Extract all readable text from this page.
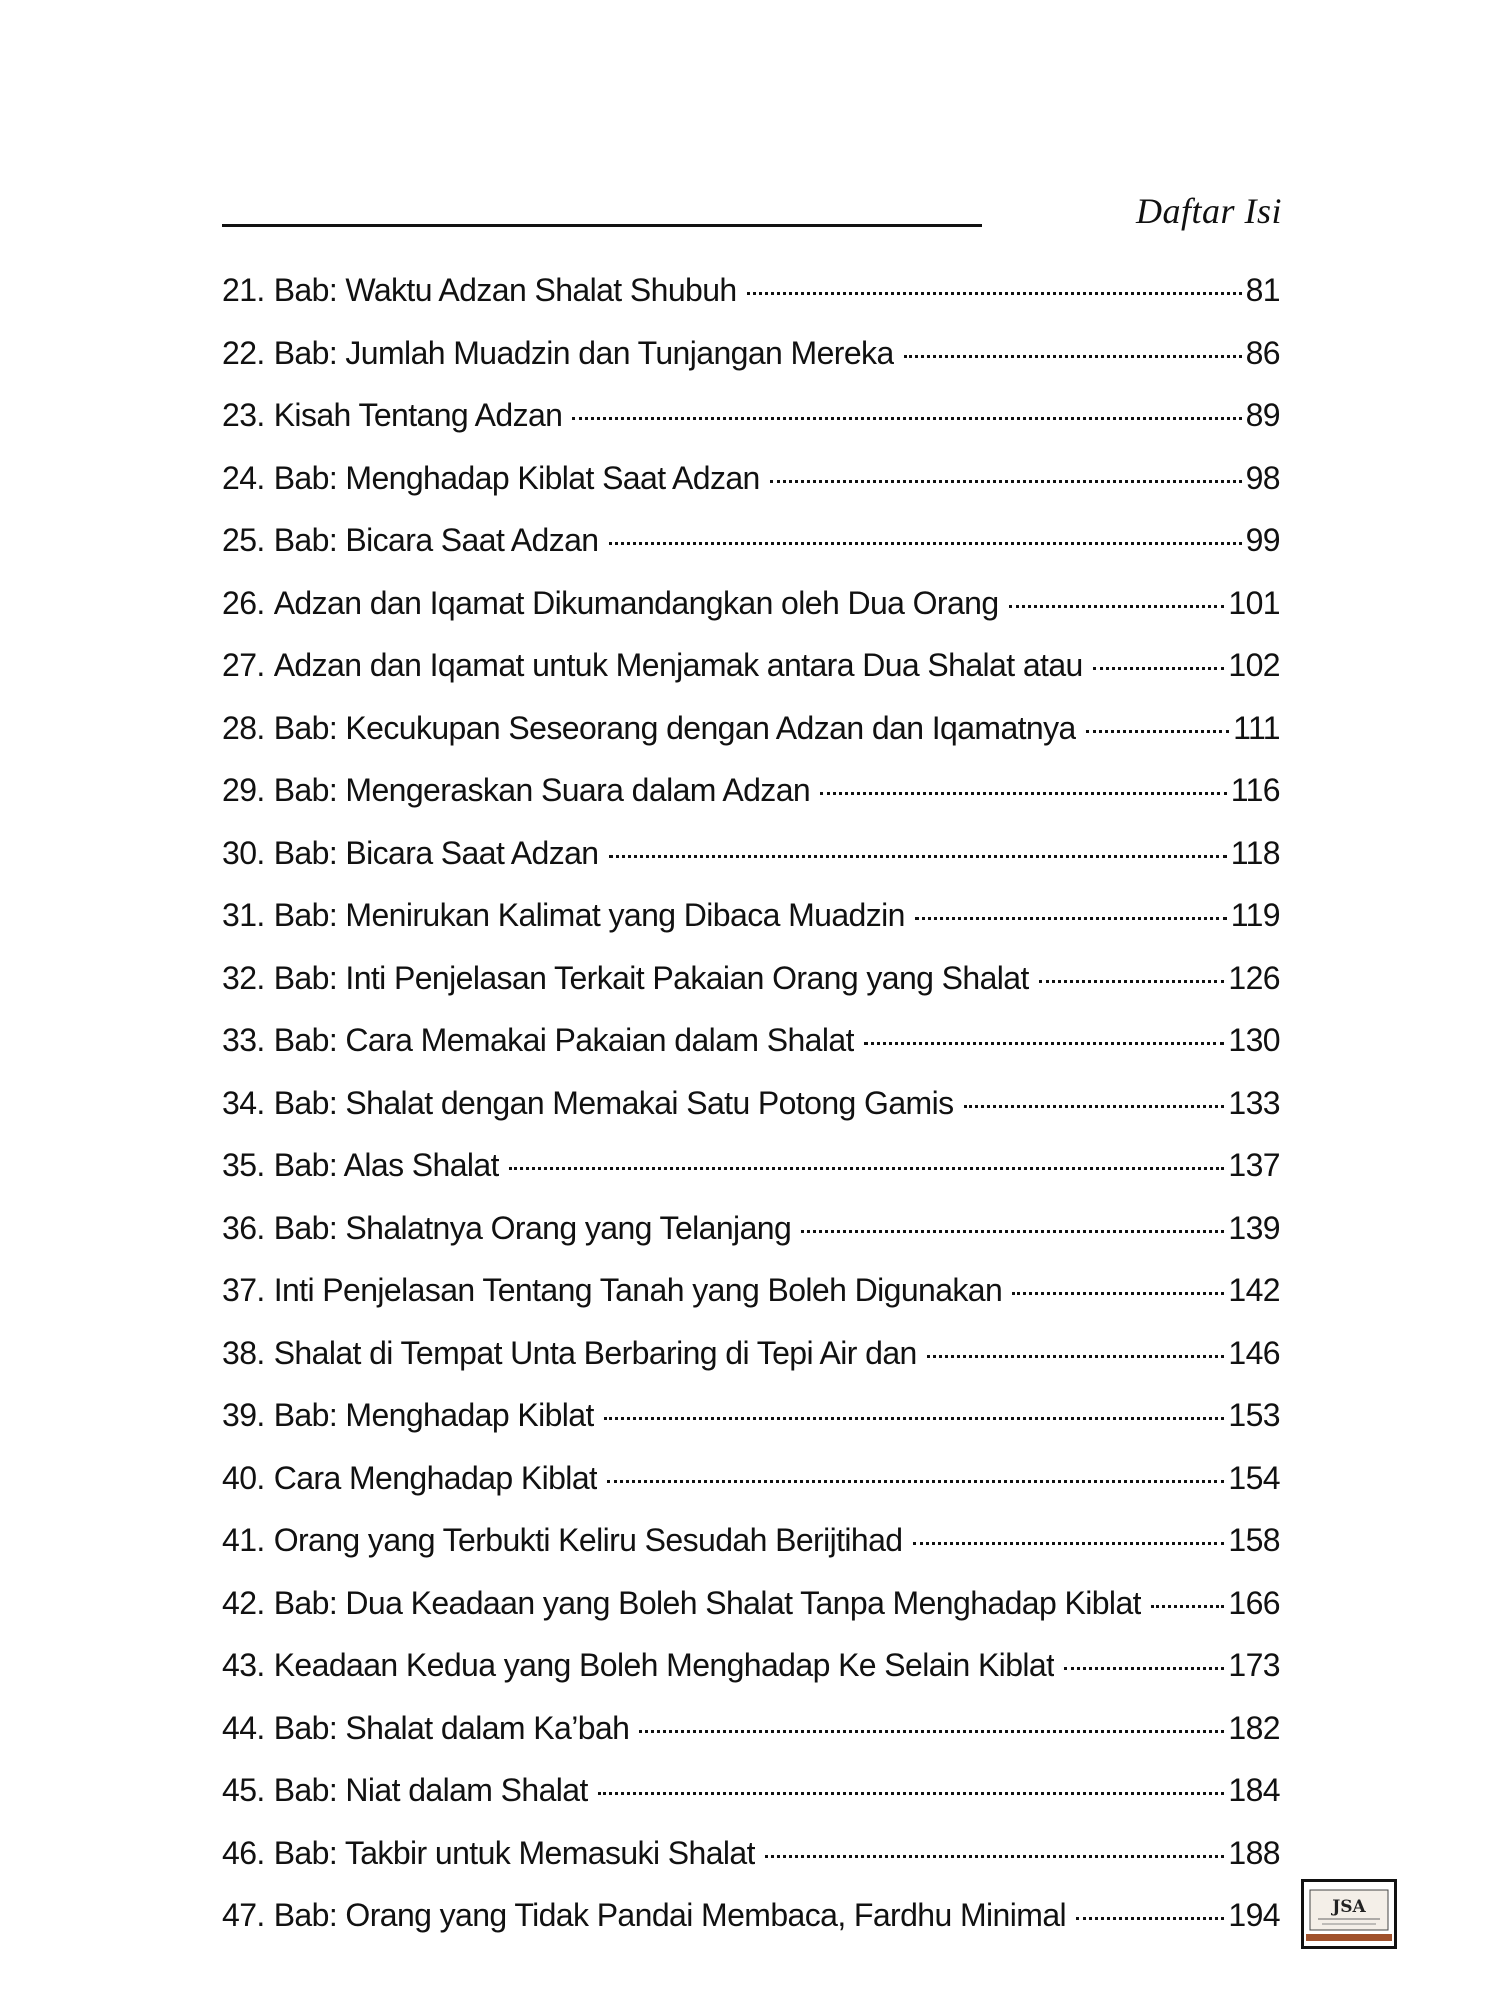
Daftar Isi
21. Bab: Waktu Adzan Shalat Shubuh	81
22. Bab: Jumlah Muadzin dan Tunjangan Mereka	86
23. Kisah Tentang Adzan	89
24. Bab: Menghadap Kiblat Saat Adzan	98
25. Bab: Bicara Saat Adzan	99
26. Adzan dan Iqamat Dikumandangkan oleh Dua Orang	101
27. Adzan dan Iqamat untuk Menjamak antara Dua Shalat atau	102
28. Bab: Kecukupan Seseorang dengan Adzan dan Iqamatnya	111
29. Bab: Mengeraskan Suara dalam Adzan	116
30. Bab: Bicara Saat Adzan	118
31. Bab: Menirukan Kalimat yang Dibaca Muadzin	119
32. Bab: Inti Penjelasan Terkait Pakaian Orang yang Shalat	126
33. Bab: Cara Memakai Pakaian dalam Shalat	130
34. Bab: Shalat dengan Memakai Satu Potong Gamis	133
35. Bab: Alas Shalat	137
36. Bab: Shalatnya Orang yang Telanjang	139
37. Inti Penjelasan Tentang Tanah yang Boleh Digunakan	142
38. Shalat di Tempat Unta Berbaring di Tepi Air dan	146
39. Bab: Menghadap Kiblat	153
40. Cara Menghadap Kiblat	154
41. Orang yang Terbukti Keliru Sesudah Berijtihad	158
42. Bab: Dua Keadaan yang Boleh Shalat Tanpa Menghadap Kiblat	166
43. Keadaan Kedua yang Boleh Menghadap Ke Selain Kiblat	173
44. Bab: Shalat dalam Ka’bah	182
45. Bab: Niat dalam Shalat	184
46. Bab: Takbir untuk Memasuki Shalat	188
47. Bab: Orang yang Tidak Pandai Membaca, Fardhu Minimal	194	JSA
